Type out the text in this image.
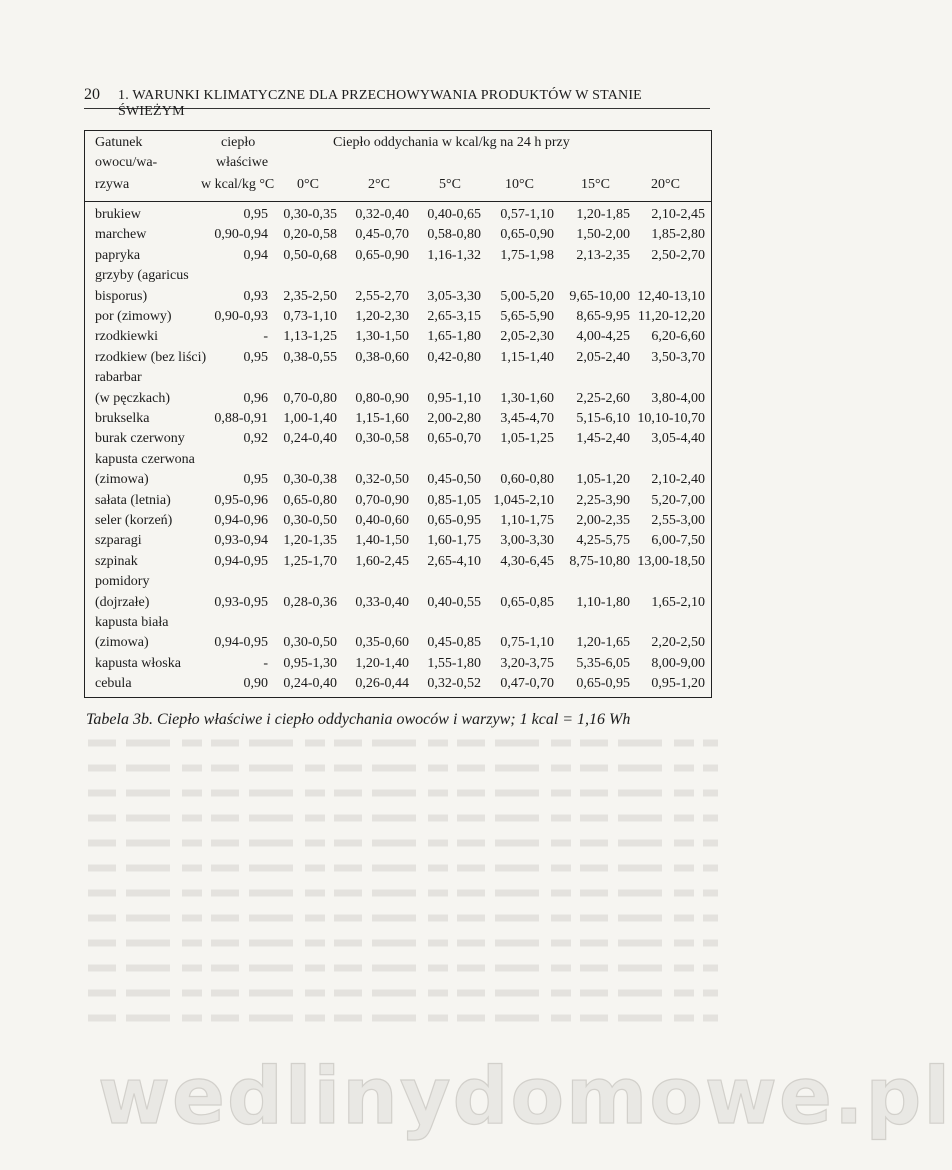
20 1. WARUNKI KLIMATYCZNE DLA PRZECHOWYWANIA PRODUKTÓW W STANIE ŚWIEŻYM
Gatunek
owocu/wa-
rzywa
ciepło
właściwe
w kcal/kg °C
Ciepło oddychania w kcal/kg na 24 h przy
0°C	2°C	5°C	10°C	15°C	20°C
brukiew	0,95 0,30-0,35 0,32-0,40 0,40-0,65 0,57-1,10 1,20-1,85 2,10-2,45
marchew	0,90-0,94 0,20-0,58 0,45-0,70 0,58-0,80 0,65-0,90 1,50-2,00 1,85-2,80
papryka	0,94 0,50-0,68 0,65-0,90 1,16-1,32 1,75-1,98 2,13-2,35 2,50-2,70
grzyby (agaricus
bisporus)	0,93 2,35-2,50 2,55-2,70 3,05-3,30 5,00-5,20 9,65-10,00 12,40-13,10
por (zimowy)	0,90-0,93 0,73-1,10 1,20-2,30 2,65-3,15 5,65-5,90 8,65-9,95 11,20-12,20
rzodkiewki	- 1,13-1,25 1,30-1,50 1,65-1,80 2,05-2,30 4,00-4,25 6,20-6,60
rzodkiew (bez liści)	0,95 0,38-0,55 0,38-0,60 0,42-0,80 1,15-1,40 2,05-2,40 3,50-3,70
rabarbar
(w pęczkach)	0,96 0,70-0,80 0,80-0,90 0,95-1,10 1,30-1,60 2,25-2,60 3,80-4,00
brukselka	0,88-0,91 1,00-1,40 1,15-1,60 2,00-2,80 3,45-4,70 5,15-6,10 10,10-10,70
burak czerwony	0,92 0,24-0,40 0,30-0,58 0,65-0,70 1,05-1,25 1,45-2,40 3,05-4,40
kapusta czerwona
(zimowa)	0,95 0,30-0,38 0,32-0,50 0,45-0,50 0,60-0,80 1,05-1,20 2,10-2,40
sałata (letnia)	0,95-0,96 0,65-0,80 0,70-0,90 0,85-1,05 1,045-2,10 2,25-3,90 5,20-7,00
seler (korzeń)	0,94-0,96 0,30-0,50 0,40-0,60 0,65-0,95 1,10-1,75 2,00-2,35 2,55-3,00
szparagi	0,93-0,94 1,20-1,35 1,40-1,50 1,60-1,75 3,00-3,30 4,25-5,75 6,00-7,50
szpinak	0,94-0,95 1,25-1,70 1,60-2,45 2,65-4,10 4,30-6,45 8,75-10,80 13,00-18,50
pomidory
(dojrzałe)	0,93-0,95 0,28-0,36 0,33-0,40 0,40-0,55 0,65-0,85 1,10-1,80 1,65-2,10
kapusta biała
(zimowa)	0,94-0,95 0,30-0,50 0,35-0,60 0,45-0,85 0,75-1,10 1,20-1,65 2,20-2,50
kapusta włoska	- 0,95-1,30 1,20-1,40 1,55-1,80 3,20-3,75 5,35-6,05 8,00-9,00
cebula	0,90 0,24-0,40 0,26-0,44 0,32-0,52 0,47-0,70 0,65-0,95 0,95-1,20
Tabela 3b. Ciepło właściwe i ciepło oddychania owoców i warzyw; 1 kcal = 1,16 Wh
wedlinydomowe.pl
